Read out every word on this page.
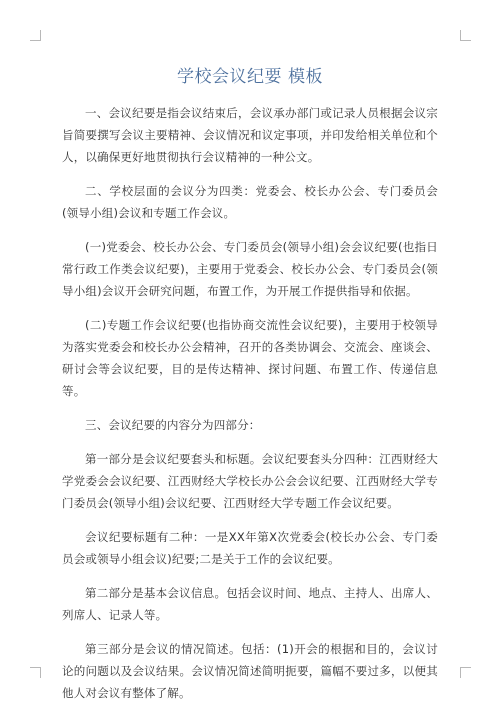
学校会议纪要 模板

一、会议纪要是指会议结束后，会议承办部门或记录人员根据会议宗旨简要撰写会议主要精神、会议情况和议定事项，并印发给相关单位和个人，以确保更好地贯彻执行会议精神的一种公文。

二、学校层面的会议分为四类：党委会、校长办公会、专门委员会(领导小组)会议和专题工作会议。

(一)党委会、校长办公会、专门委员会(领导小组)会会议纪要(也指日常行政工作类会议纪要)，主要用于党委会、校长办公会、专门委员会(领导小组)会议开会研究问题，布置工作，为开展工作提供指导和依据。

(二)专题工作会议纪要(也指协商交流性会议纪要)，主要用于校领导为落实党委会和校长办公会精神，召开的各类协调会、交流会、座谈会、研讨会等会议纪要，目的是传达精神、探讨问题、布置工作、传递信息等。

三、会议纪要的内容分为四部分：

第一部分是会议纪要套头和标题。会议纪要套头分四种：江西财经大学党委会会议纪要、江西财经大学校长办公会会议纪要、江西财经大学专门委员会(领导小组)会议纪要、江西财经大学专题工作会议纪要。

会议纪要标题有二种：一是XX年第X次党委会(校长办公会、专门委员会或领导小组会议)纪要;二是关于工作的会议纪要。

第二部分是基本会议信息。包括会议时间、地点、主持人、出席人、列席人、记录人等。

第三部分是会议的情况简述。包括：(1)开会的根据和目的，会议讨论的问题以及会议结果。会议情况简述简明扼要，篇幅不要过多，以便其他人对会议有整体了解。
